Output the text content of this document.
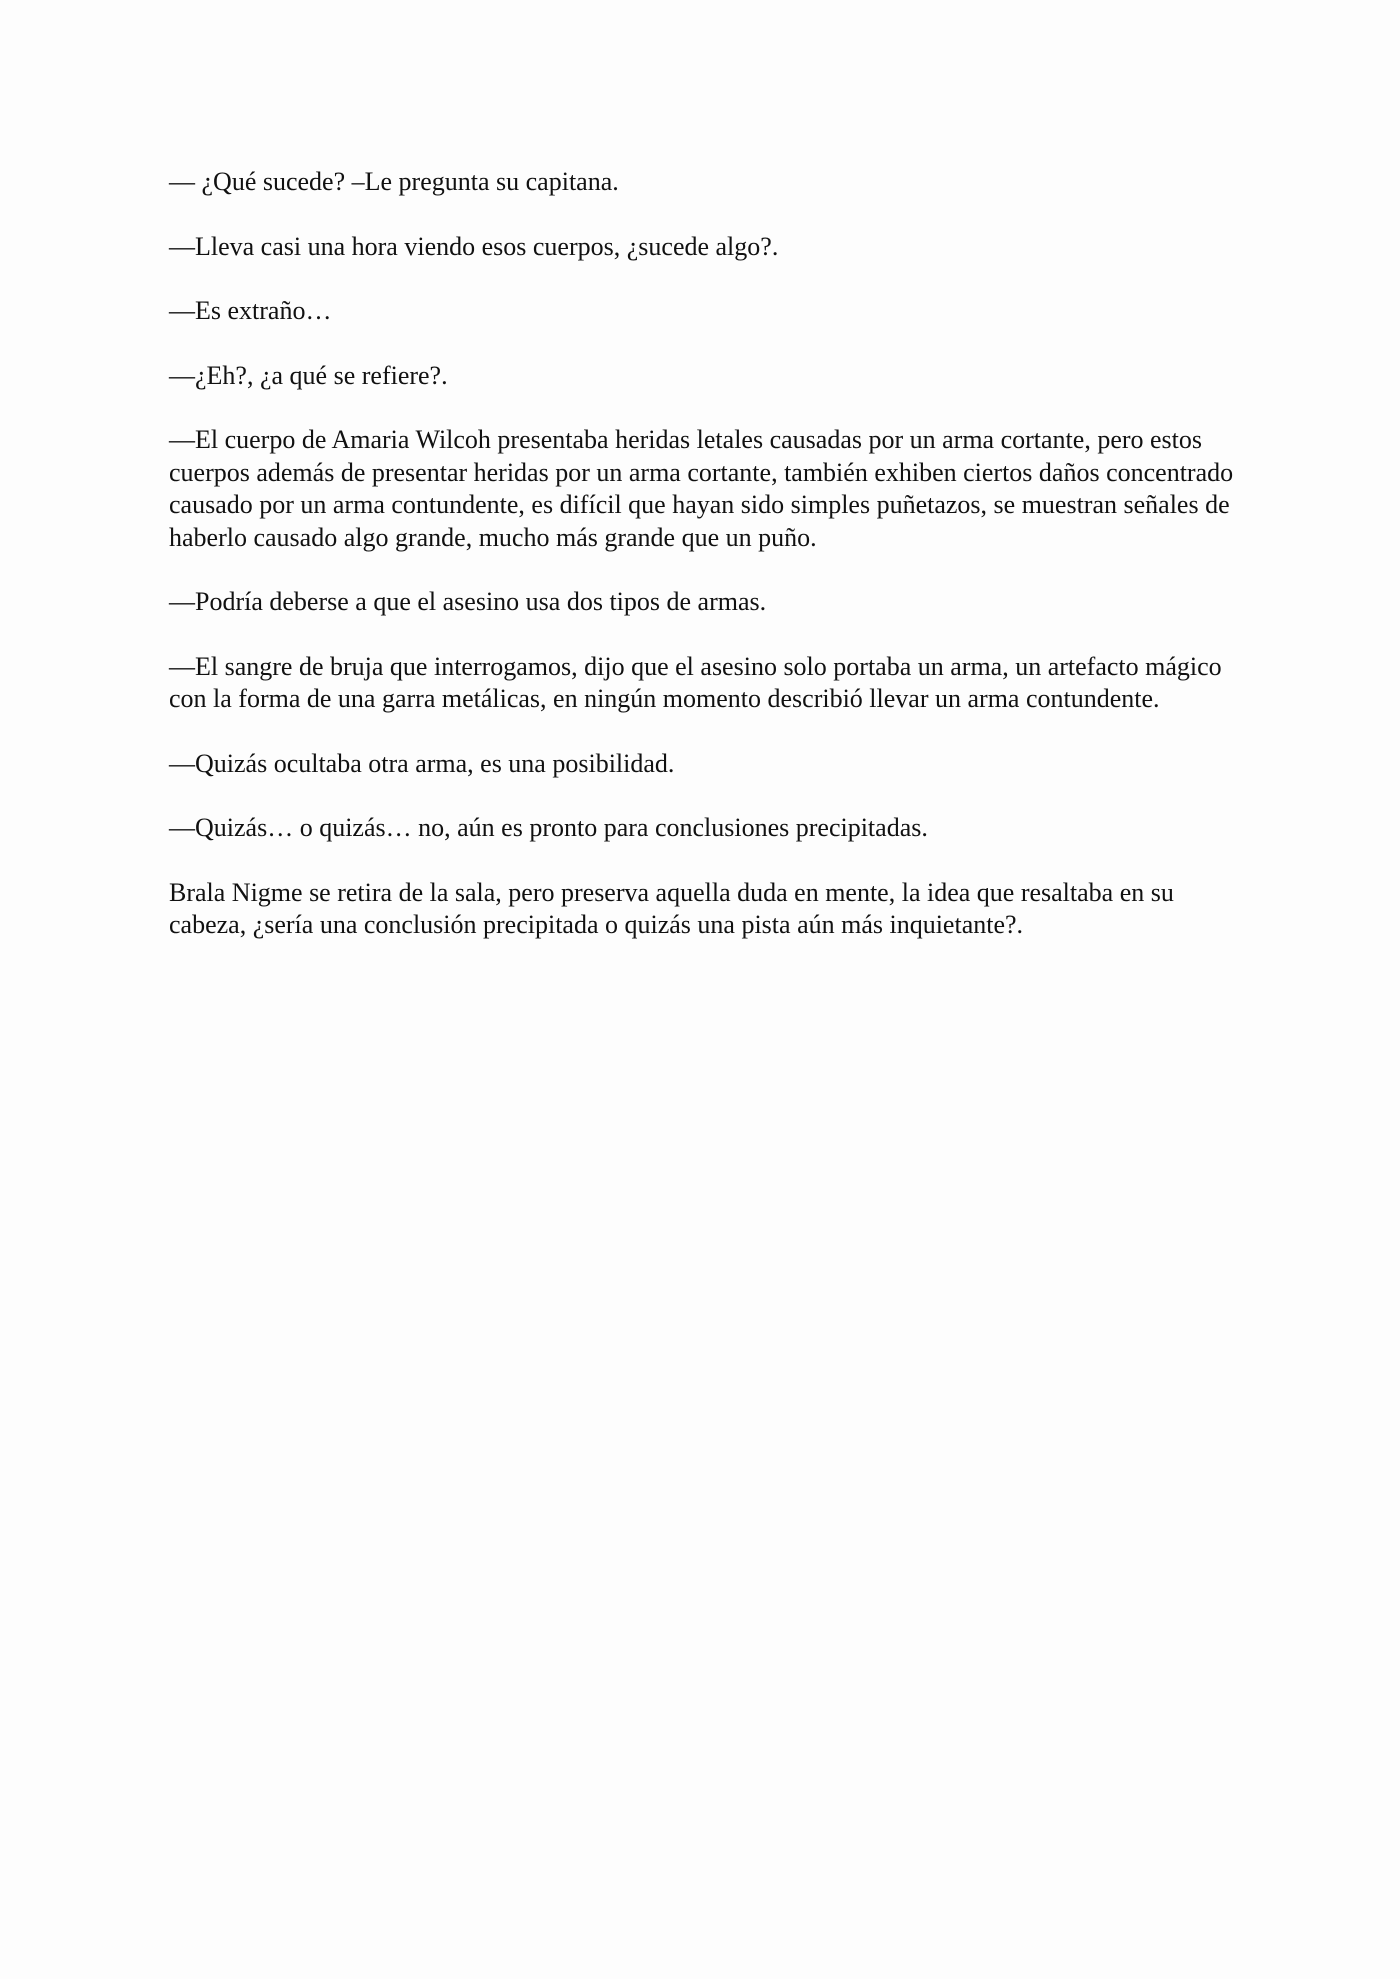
— ¿Qué sucede? –Le pregunta su capitana.

—Lleva casi una hora viendo esos cuerpos, ¿sucede algo?.

—Es extraño…

—¿Eh?, ¿a qué se refiere?.

—El cuerpo de Amaria Wilcoh presentaba heridas letales causadas por un arma cortante, pero estos cuerpos además de presentar heridas por un arma cortante, también exhiben ciertos daños concentrado causado por un arma contundente, es difícil que hayan sido simples puñetazos, se muestran señales de haberlo causado algo grande, mucho más grande que un puño.

—Podría deberse a que el asesino usa dos tipos de armas.

—El sangre de bruja que interrogamos, dijo que el asesino solo portaba un arma, un artefacto mágico con la forma de una garra metálicas, en ningún momento describió llevar un arma contundente.

—Quizás ocultaba otra arma, es una posibilidad.

—Quizás… o quizás… no, aún es pronto para conclusiones precipitadas.

Brala Nigme se retira de la sala, pero preserva aquella duda en mente, la idea que resaltaba en su cabeza, ¿sería una conclusión precipitada o quizás una pista aún más inquietante?.
